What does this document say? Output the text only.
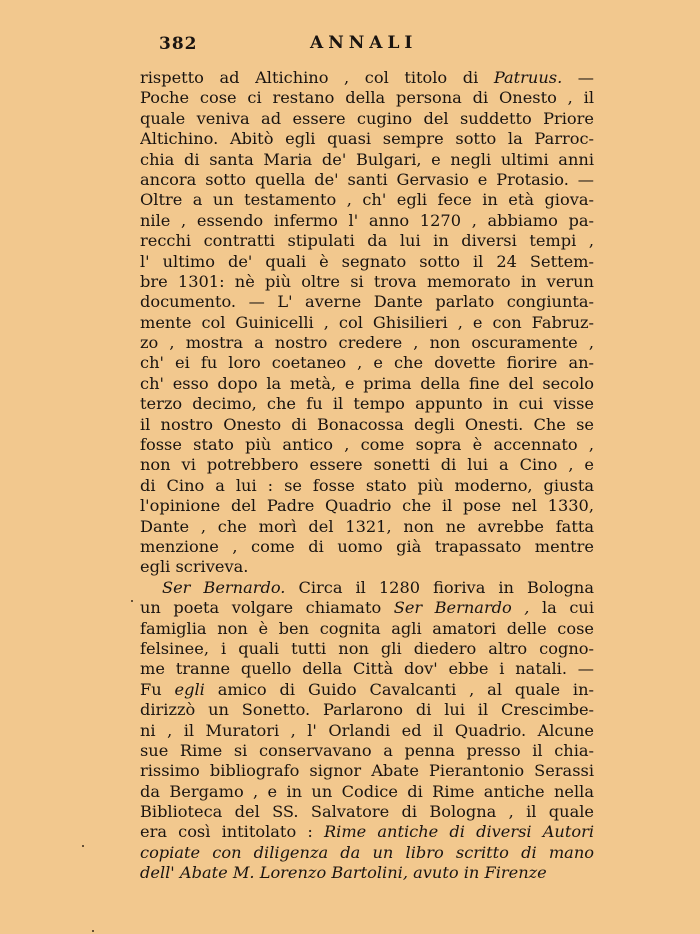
382	ANNALI
rispetto ad Altichino , col titolo di Patruus. —
Poche cose ci restano della persona di Onesto , il
quale veniva ad essere cugino del suddetto Priore
Altichino. Abitò egli quasi sempre sotto la Parroc-
chia di santa Maria de' Bulgari, e negli ultimi anni
ancora sotto quella de' santi Gervasio e Protasio. —
Oltre a un testamento , ch' egli fece in età giova-
nile , essendo infermo l' anno 1270 , abbiamo pa-
recchi contratti stipulati da lui in diversi tempi ,
l' ultimo de' quali è segnato sotto il 24 Settem-
bre 1301: nè più oltre si trova memorato in verun
documento. — L' averne Dante parlato congiunta-
mente col Guinicelli , col Ghisilieri , e con Fabruz-
zo , mostra a nostro credere , non oscuramente ,
ch' ei fu loro coetaneo , e che dovette fiorire an-
ch' esso dopo la metà, e prima della fine del secolo
terzo decimo, che fu il tempo appunto in cui visse
il nostro Onesto di Bonacossa degli Onesti. Che se
fosse stato più antico , come sopra è accennato ,
non vi potrebbero essere sonetti di lui a Cino , e
di Cino a lui : se fosse stato più moderno, giusta
l'opinione del Padre Quadrio che il pose nel 1330,
Dante , che morì del 1321, non ne avrebbe fatta
menzione , come di uomo già trapassato mentre
egli scriveva.
Ser Bernardo. Circa il 1280 fioriva in Bologna
un poeta volgare chiamato Ser Bernardo , la cui
famiglia non è ben cognita agli amatori delle cose
felsinee, i quali tutti non gli diedero altro cogno-
me tranne quello della Città dov' ebbe i natali. —
Fu egli amico di Guido Cavalcanti , al quale in-
dirizzò un Sonetto. Parlarono di lui il Crescimbe-
ni , il Muratori , l' Orlandi ed il Quadrio. Alcune
sue Rime si conservavano a penna presso il chia-
rissimo bibliografo signor Abate Pierantonio Serassi
da Bergamo , e in un Codice di Rime antiche nella
Biblioteca del SS. Salvatore di Bologna , il quale
era così intitolato : Rime antiche di diversi Autori
copiate con diligenza da un libro scritto di mano
dell' Abate M. Lorenzo Bartolini, avuto in Firenze
